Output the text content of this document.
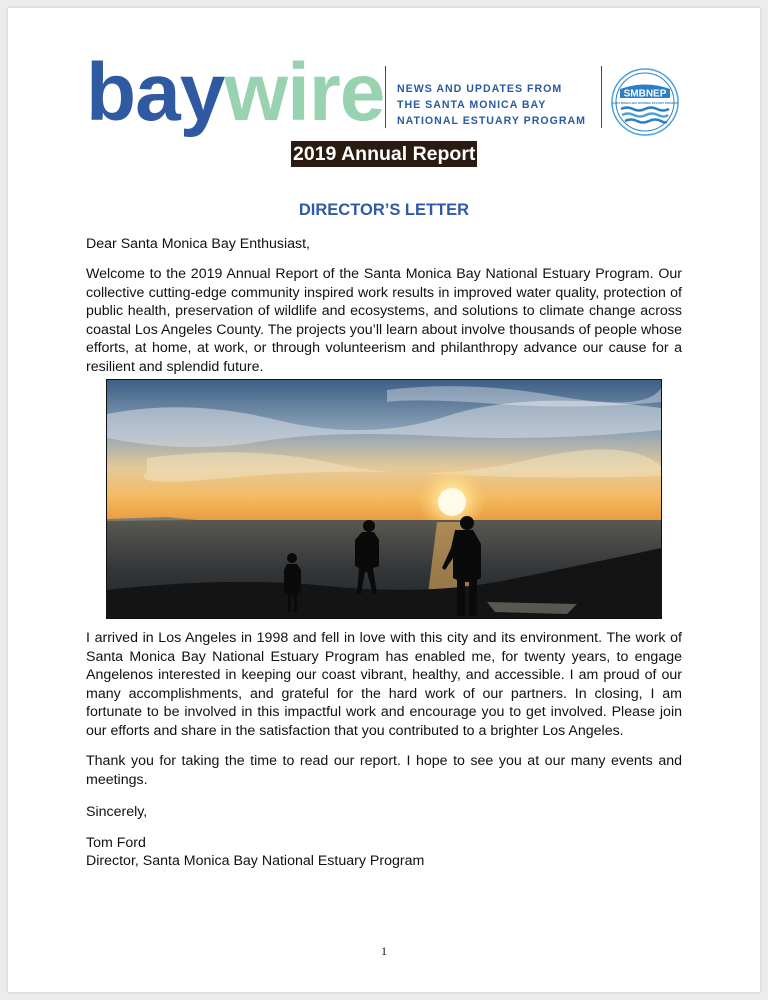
baywire NEWS AND UPDATES FROM
THE SANTA MONICA BAY
NATIONAL ESTUARY PROGRAM
SMBNEP
SANTA MONICA BAY NATIONAL ESTUARY PROGRAM
2019 Annual Report
DIRECTOR’S LETTER

Dear Santa Monica Bay Enthusiast,

Welcome to the 2019 Annual Report of the Santa Monica Bay National Estuary Program. Our collective cutting-edge community inspired work results in improved water quality, protection of public health, preservation of wildlife and ecosystems, and solutions to climate change across coastal Los Angeles County. The projects you’ll learn about involve thousands of people whose efforts, at home, at work, or through volunteerism and philanthropy advance our cause for a resilient and splendid future.

I arrived in Los Angeles in 1998 and fell in love with this city and its environment. The work of Santa Monica Bay National Estuary Program has enabled me, for twenty years, to engage Angelenos interested in keeping our coast vibrant, healthy, and accessible. I am proud of our many accomplishments, and grateful for the hard work of our partners. In closing, I am fortunate to be involved in this impactful work and encourage you to get involved. Please join our efforts and share in the satisfaction that you contributed to a brighter Los Angeles.

Thank you for taking the time to read our report. I hope to see you at our many events and meetings.

Sincerely,

Tom Ford

Director, Santa Monica Bay National Estuary Program

1
